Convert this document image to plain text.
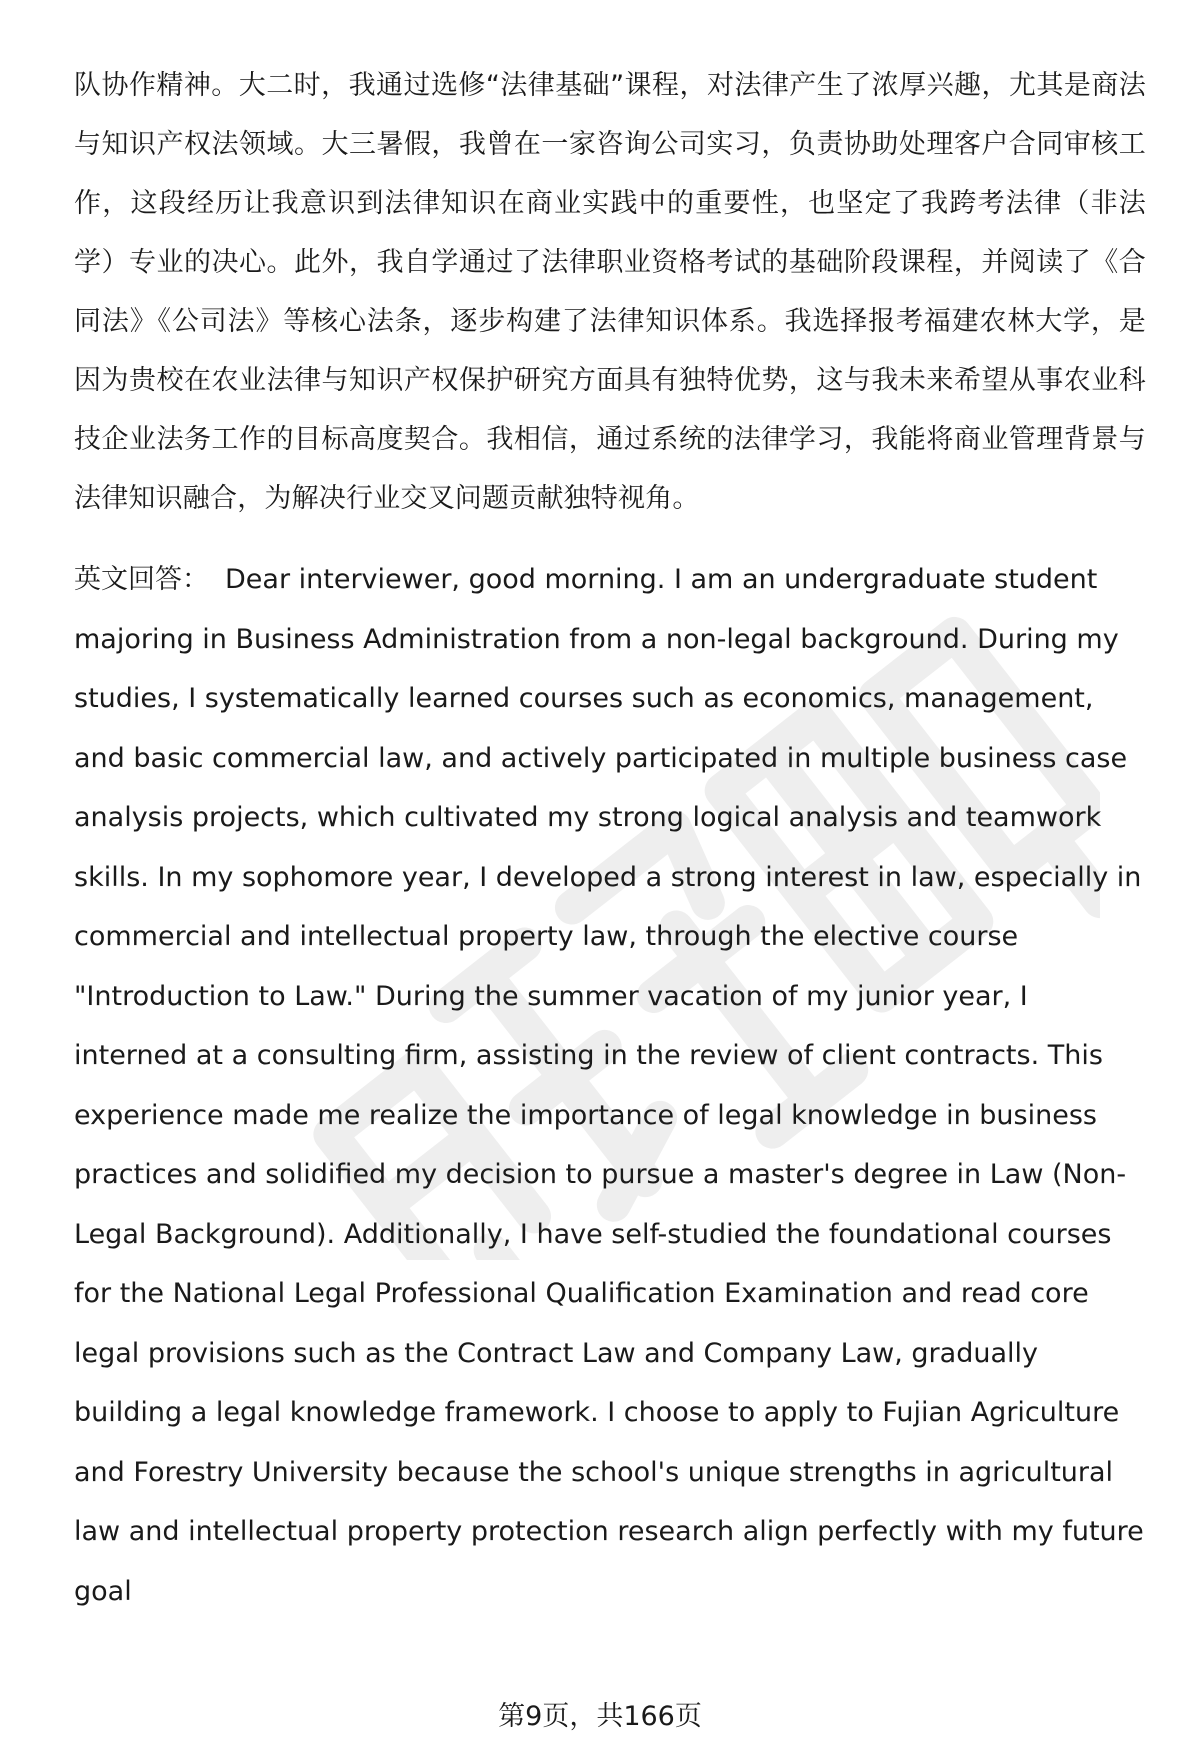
队协作精神。大二时，我通过选修“法律基础”课程，对法律产生了浓厚兴趣，尤其是商法与知识产权法领域。大三暑假，我曾在一家咨询公司实习，负责协助处理客户合同审核工作，这段经历让我意识到法律知识在商业实践中的重要性，也坚定了我跨考法律（非法学）专业的决心。此外，我自学通过了法律职业资格考试的基础阶段课程，并阅读了《合同法》《公司法》等核心法条，逐步构建了法律知识体系。我选择报考福建农林大学，是因为贵校在农业法律与知识产权保护研究方面具有独特优势，这与我未来希望从事农业科技企业法务工作的目标高度契合。我相信，通过系统的法律学习，我能将商业管理背景与法律知识融合，为解决行业交叉问题贡献独特视角。

英文回答： Dear interviewer, good morning. I am an undergraduate student majoring in Business Administration from a non-legal background. During my studies, I systematically learned courses such as economics, management, and basic commercial law, and actively participated in multiple business case analysis projects, which cultivated my strong logical analysis and teamwork skills. In my sophomore year, I developed a strong interest in law, especially in commercial and intellectual property law, through the elective course "Introduction to Law." During the summer vacation of my junior year, I interned at a consulting firm, assisting in the review of client contracts. This experience made me realize the importance of legal knowledge in business practices and solidified my decision to pursue a master's degree in Law (Non-Legal Background). Additionally, I have self-studied the foundational courses for the National Legal Professional Qualification Examination and read core legal provisions such as the Contract Law and Company Law, gradually building a legal knowledge framework. I choose to apply to Fujian Agriculture and Forestry University because the school's unique strengths in agricultural law and intellectual property protection research align perfectly with my future goal

第9页，共166页
